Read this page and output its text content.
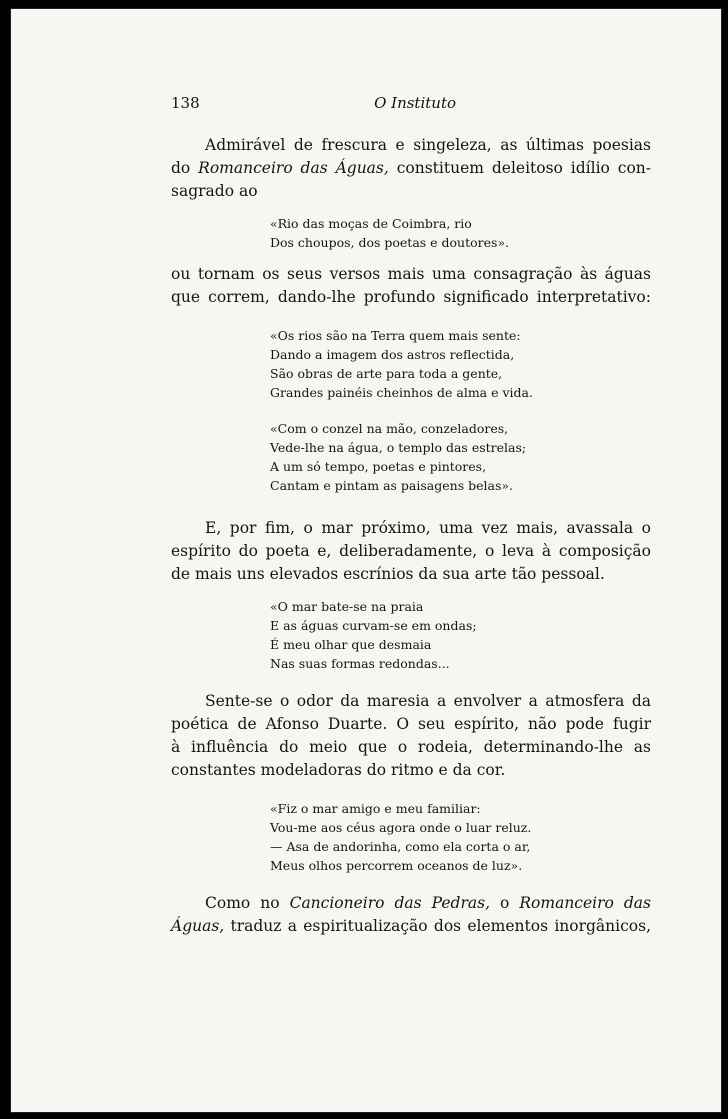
138	O Instituto

Admirável de frescura e singeleza, as últimas poesias
do Romanceiro das Águas, constituem deleitoso idílio con-
sagrado ao

«Rio das moças de Coimbra, rio
Dos choupos, dos poetas e doutores».

ou tornam os seus versos mais uma consagração às águas
que correm, dando-lhe profundo significado interpretativo:

«Os rios são na Terra quem mais sente:
Dando a imagem dos astros reflectida,
São obras de arte para toda a gente,
Grandes painéis cheinhos de alma e vida.

«Com o conzel na mão, conzeladores,
Vede-lhe na água, o templo das estrelas;
A um só tempo, poetas e pintores,
Cantam e pintam as paisagens belas».

E, por fim, o mar próximo, uma vez mais, avassala o
espírito do poeta e, deliberadamente, o leva à composição
de mais uns elevados escrínios da sua arte tão pessoal.

«O mar bate-se na praia
E as águas curvam-se em ondas;
É meu olhar que desmaia
Nas suas formas redondas...

Sente-se o odor da maresia a envolver a atmosfera da
poética de Afonso Duarte. O seu espírito, não pode fugir
à influência do meio que o rodeia, determinando-lhe as
constantes modeladoras do ritmo e da cor.

«Fiz o mar amigo e meu familiar:
Vou-me aos céus agora onde o luar reluz.
— Asa de andorinha, como ela corta o ar,
Meus olhos percorrem oceanos de luz».

Como no Cancioneiro das Pedras, o Romanceiro das
Águas, traduz a espiritualização dos elementos inorgânicos,
